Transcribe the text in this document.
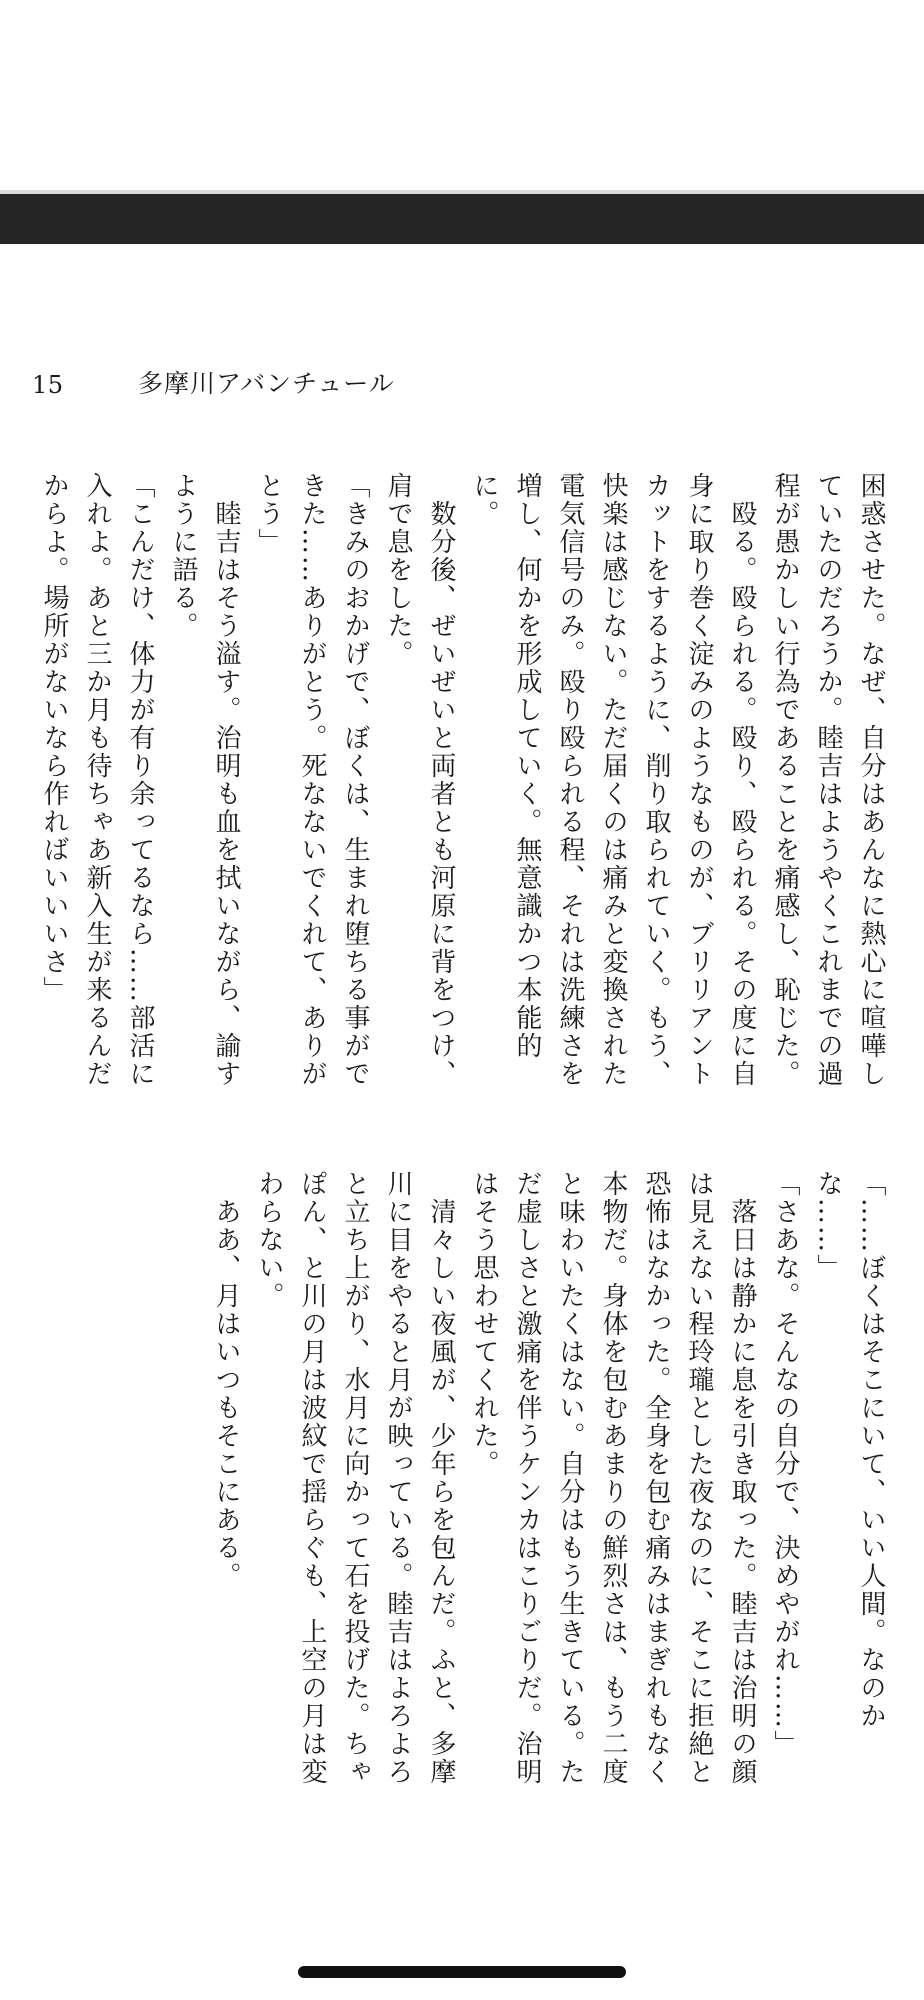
15	多摩川アバンチュール

困惑させた。なぜ、自分はあんなに熱心に喧嘩していたのだろうか。睦吉はようやくこれまでの過程が愚かしい行為であることを痛感し、恥じた。

　殴る。殴られる。殴り、殴られる。その度に自身に取り巻く淀みのようなものが、ブリリアントカットをするように、削り取られていく。もう、快楽は感じない。ただ届くのは痛みと変換された電気信号のみ。殴り殴られる程、それは洗練さを増し、何かを形成していく。無意識かつ本能的に。

　数分後、ぜいぜいと両者とも河原に背をつけ、肩で息をした。

「きみのおかげで、ぼくは、生まれ堕ちる事ができた……ありがとう。死なないでくれて、ありがとう」

　睦吉はそう溢す。治明も血を拭いながら、諭すように語る。

「こんだけ、体力が有り余ってるなら……部活に入れよ。あと三か月も待ちゃあ新入生が来るんだからよ。場所がないなら作ればいいいさ」

「……ぼくはそこにいて、いい人間。なのかな……」

「さあな。そんなの自分で、決めやがれ……」

　落日は静かに息を引き取った。睦吉は治明の顔は見えない程玲瓏とした夜なのに、そこに拒絶と恐怖はなかった。全身を包む痛みはまぎれもなく本物だ。身体を包むあまりの鮮烈さは、もう二度と味わいたくはない。自分はもう生きている。ただ虚しさと激痛を伴うケンカはこりごりだ。治明はそう思わせてくれた。

　清々しい夜風が、少年らを包んだ。ふと、多摩川に目をやると月が映っている。睦吉はよろよろと立ち上がり、水月に向かって石を投げた。ちゃぽん、と川の月は波紋で揺らぐも、上空の月は変わらない。

　ああ、月はいつもそこにある。
